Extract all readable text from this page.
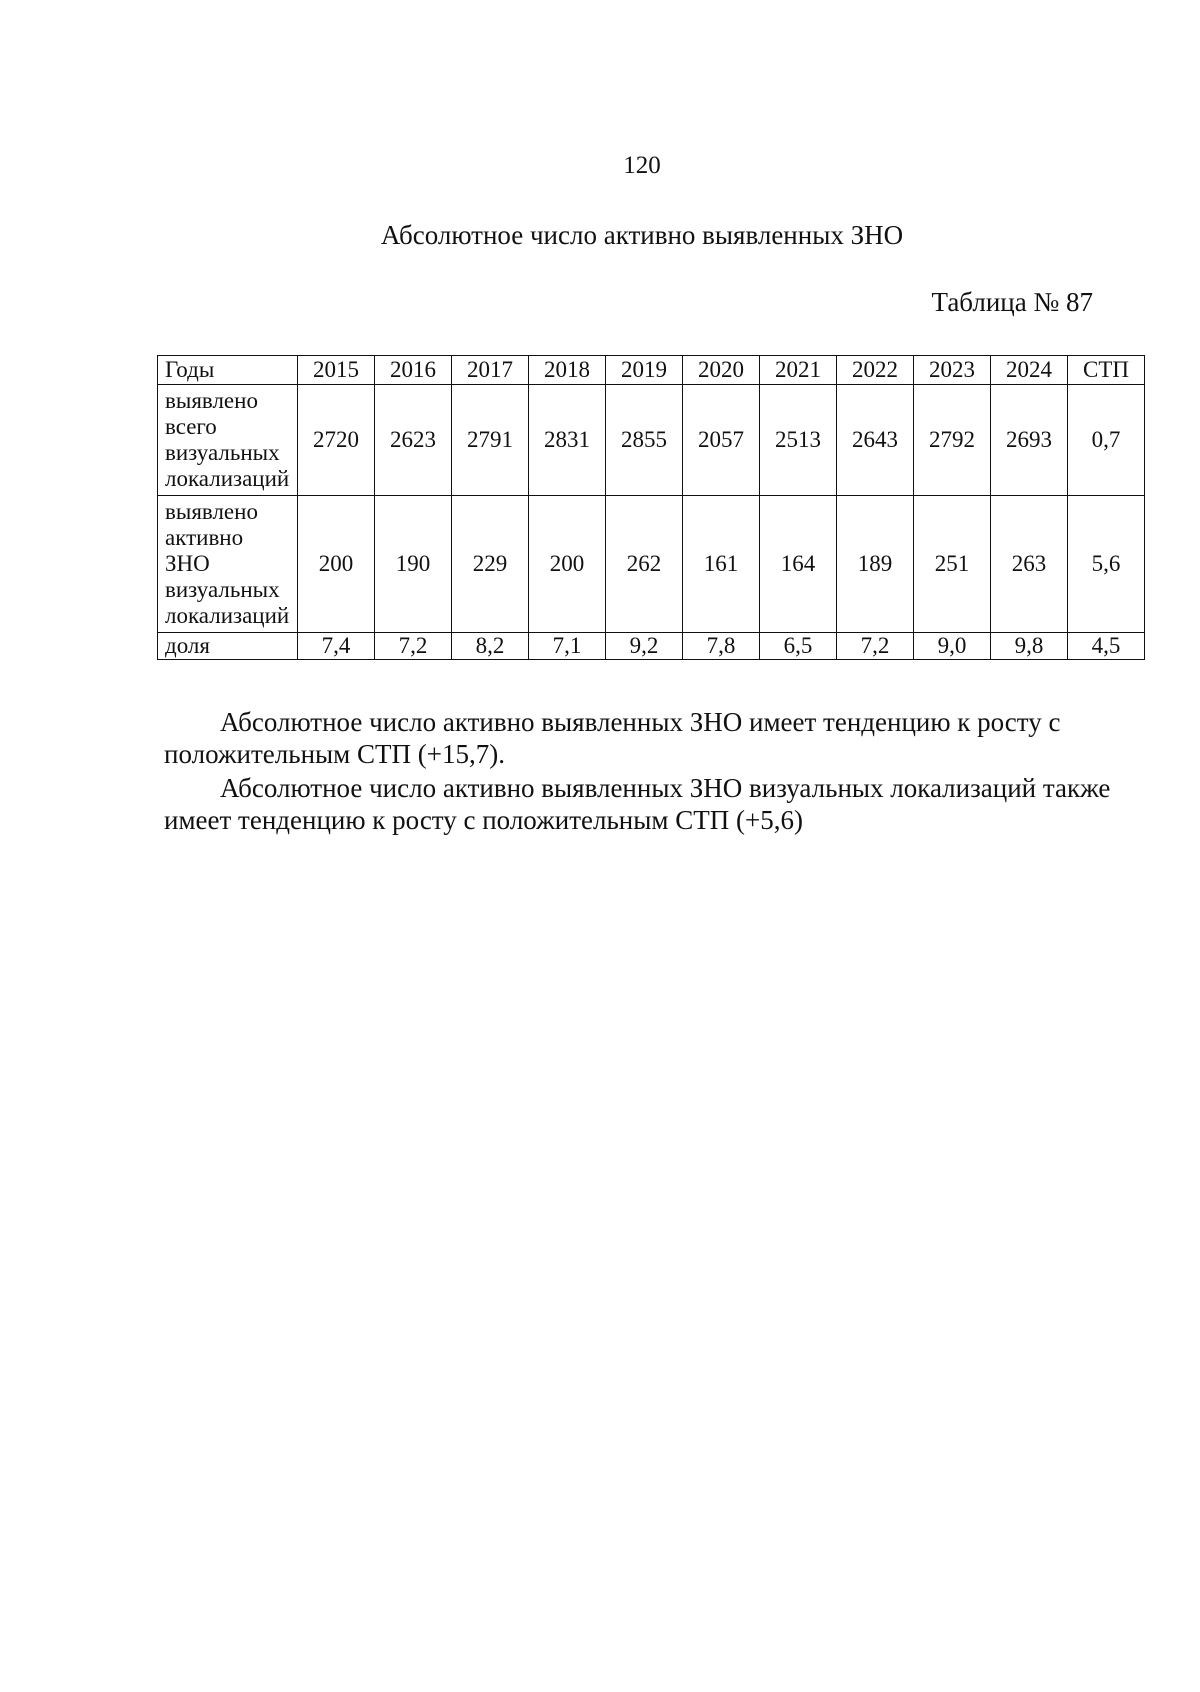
120
Абсолютное число активно выявленных ЗНО
Таблица № 87
Годы	2015	2016	2017	2018	2019	2020	2021	2022	2023	2024	СТП

выявлено
всего
визуальных
локализаций	2720	2623	2791	2831	2855	2057	2513	2643	2792	2693	0,7

выявлено
активно
ЗНО
визуальных
локализаций	200	190	229	200	262	161	164	189	251	263	5,6

доля	7,4	7,2	8,2	7,1	9,2	7,8	6,5	7,2	9,0	9,8	4,5

Абсолютное число активно выявленных ЗНО имеет тенденцию к росту с положительным СТП (+15,7).

Абсолютное число активно выявленных ЗНО визуальных локализаций также имеет тенденцию к росту с положительным СТП (+5,6)
